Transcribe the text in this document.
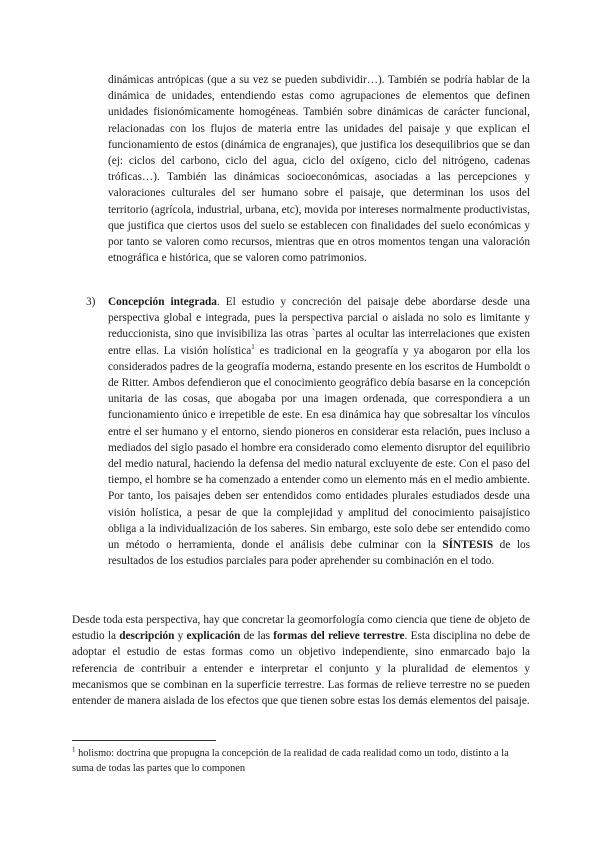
dinámicas antrópicas (que a su vez se pueden subdividir…). También se podría hablar de la dinámica de unidades, entendiendo estas como agrupaciones de elementos que definen unidades fisionómicamente homogéneas. También sobre dinámicas de carácter funcional, relacionadas con los flujos de materia entre las unidades del paisaje y que explican el funcionamiento de estos (dinámica de engranajes), que justifica los desequilibrios que se dan (ej: ciclos del carbono, ciclo del agua, ciclo del oxígeno, ciclo del nitrógeno, cadenas tróficas…). También las dinámicas socioeconómicas, asociadas a las percepciones y valoraciones culturales del ser humano sobre el paisaje, que determinan los usos del territorio (agrícola, industrial, urbana, etc), movida por intereses normalmente productivistas, que justifica que ciertos usos del suelo se establecen con finalidades del suelo económicas y por tanto se valoren como recursos, mientras que en otros momentos tengan una valoración etnográfica e histórica, que se valoren como patrimonios.

3) Concepción integrada. El estudio y concreción del paisaje debe abordarse desde una perspectiva global e integrada, pues la perspectiva parcial o aislada no solo es limitante y reduccionista, sino que invisibiliza las otras `partes al ocultar las interrelaciones que existen entre ellas. La visión holística$^1$ es tradicional en la geografía y ya abogaron por ella los considerados padres de la geografía moderna, estando presente en los escritos de Humboldt o de Ritter. Ambos defendieron que el conocimiento geográfico debía basarse en la concepción unitaria de las cosas, que abogaba por una imagen ordenada, que correspondiera a un funcionamiento único e irrepetible de este. En esa dinámica hay que sobresaltar los vínculos entre el ser humano y el entorno, siendo pioneros en considerar esta relación, pues incluso a mediados del siglo pasado el hombre era considerado como elemento disruptor del equilibrio del medio natural, haciendo la defensa del medio natural excluyente de este. Con el paso del tiempo, el hombre se ha comenzado a entender como un elemento más en el medio ambiente. Por tanto, los paisajes deben ser entendidos como entidades plurales estudiados desde una visión holística, a pesar de que la complejidad y amplitud del conocimiento paisajístico obliga a la individualización de los saberes. Sin embargo, este solo debe ser entendido como un método o herramienta, donde el análisis debe culminar con la SÍNTESIS de los resultados de los estudios parciales para poder aprehender su combinación en el todo.

Desde toda esta perspectiva, hay que concretar la geomorfología como ciencia que tiene de objeto de estudio la descripción y explicación de las formas del relieve terrestre. Esta disciplina no debe de adoptar el estudio de estas formas como un objetivo independiente, sino enmarcado bajo la referencia de contribuir a entender e interpretar el conjunto y la pluralidad de elementos y mecanismos que se combinan en la superficie terrestre. Las formas de relieve terrestre no se pueden entender de manera aislada de los efectos que que tienen sobre estas los demás elementos del paisaje.

$^1$ holismo: doctrina que propugna la concepción de la realidad de cada realidad como un todo, distinto a la suma de todas las partes que lo componen
